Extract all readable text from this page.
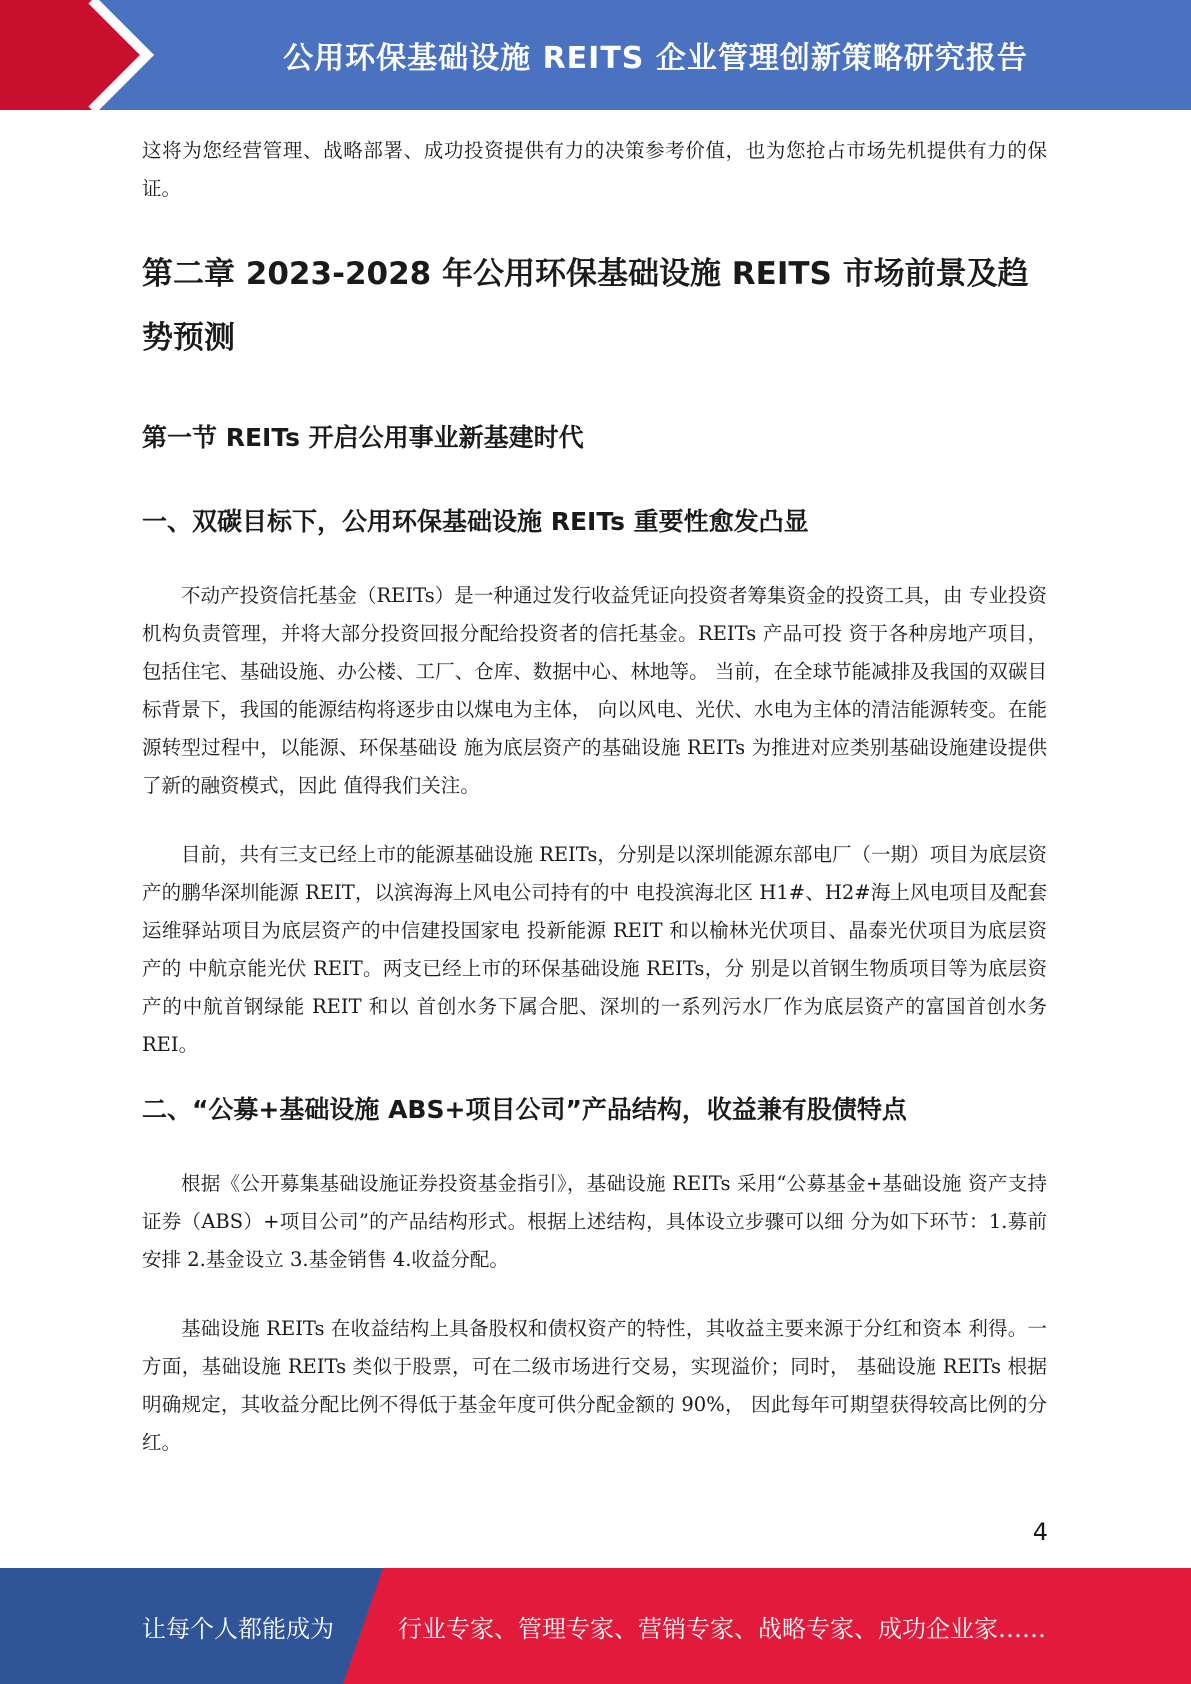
公用环保基础设施 REITS 企业管理创新策略研究报告

这将为您经营管理、战略部署、成功投资提供有力的决策参考价值，也为您抢占市场先机提供有力的保证。

第二章 2023-2028 年公用环保基础设施 REITS 市场前景及趋势预测
第一节 REITs 开启公用事业新基建时代
一、双碳目标下，公用环保基础设施 REITs 重要性愈发凸显

不动产投资信托基金（REITs）是一种通过发行收益凭证向投资者筹集资金的投资工具，由 专业投资机构负责管理，并将大部分投资回报分配给投资者的信托基金。REITs 产品可投 资于各种房地产项目，包括住宅、基础设施、办公楼、工厂、仓库、数据中心、林地等。 当前，在全球节能减排及我国的双碳目标背景下，我国的能源结构将逐步由以煤电为主体， 向以风电、光伏、水电为主体的清洁能源转变。在能源转型过程中，以能源、环保基础设 施为底层资产的基础设施 REITs 为推进对应类别基础设施建设提供了新的融资模式，因此 值得我们关注。

目前，共有三支已经上市的能源基础设施 REITs，分别是以深圳能源东部电厂（一期）项目为底层资产的鹏华深圳能源 REIT，以滨海海上风电公司持有的中 电投滨海北区 H1#、H2#海上风电项目及配套运维驿站项目为底层资产的中信建投国家电 投新能源 REIT 和以榆林光伏项目、晶泰光伏项目为底层资产的 中航京能光伏 REIT。两支已经上市的环保基础设施 REITs，分 别是以首钢生物质项目等为底层资产的中航首钢绿能 REIT 和以 首创水务下属合肥、深圳的一系列污水厂作为底层资产的富国首创水务 REI。

二、“公募+基础设施 ABS+项目公司”产品结构，收益兼有股债特点

根据《公开募集基础设施证券投资基金指引》，基础设施 REITs 采用“公募基金+基础设施 资产支持证券（ABS）+项目公司”的产品结构形式。根据上述结构，具体设立步骤可以细 分为如下环节：1.募前安排 2.基金设立 3.基金销售 4.收益分配。

基础设施 REITs 在收益结构上具备股权和债权资产的特性，其收益主要来源于分红和资本 利得。一方面，基础设施 REITs 类似于股票，可在二级市场进行交易，实现溢价；同时， 基础设施 REITs 根据明确规定，其收益分配比例不得低于基金年度可供分配金额的 90%， 因此每年可期望获得较高比例的分红。

4
让每个人都能成为	行业专家、管理专家、营销专家、战略专家、成功企业家……
